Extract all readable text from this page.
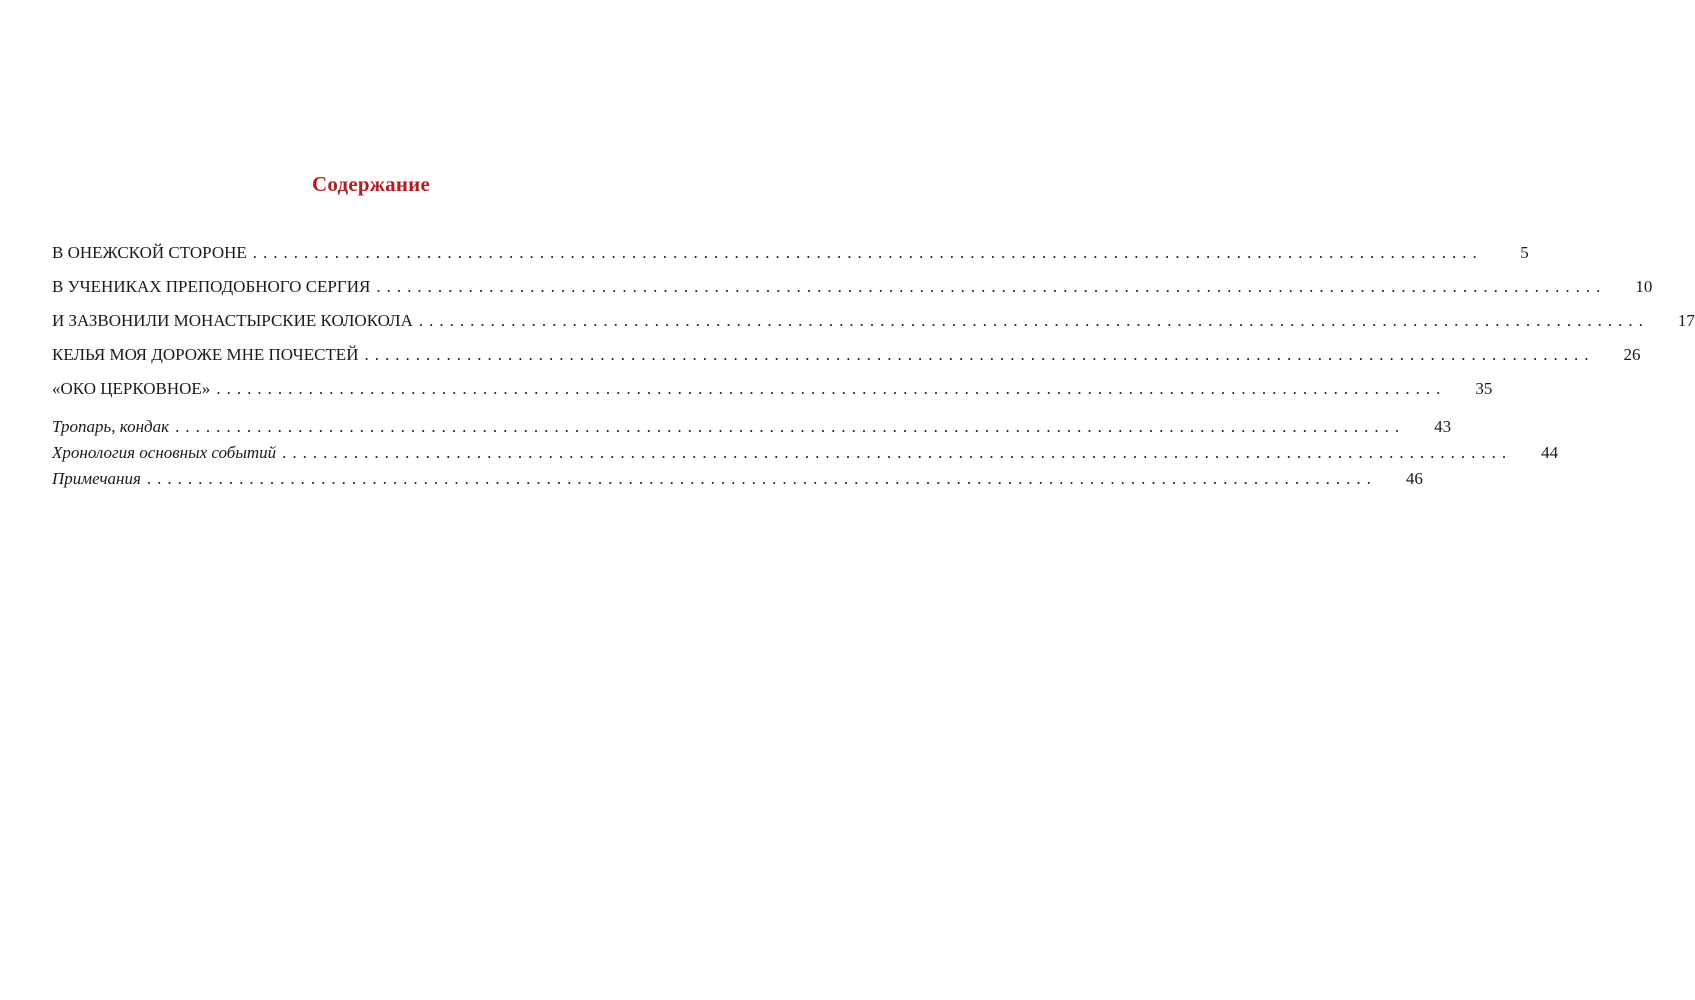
Содержание
В ОНЕЖСКОЙ СТОРОНЕ ........................................................................................................................	5
В УЧЕНИКАХ ПРЕПОДОБНОГО СЕРГИЯ ........................................................................................................................	10
И ЗАЗВОНИЛИ МОНАСТЫРСКИЕ КОЛОКОЛА ........................................................................................................................	17
КЕЛЬЯ МОЯ ДОРОЖЕ МНЕ ПОЧЕСТЕЙ ........................................................................................................................	26
«ОКО ЦЕРКОВНОЕ» ........................................................................................................................	35
Тропарь, кондак ........................................................................................................................	43
Хронология основных событий ........................................................................................................................	44
Примечания ........................................................................................................................	46
